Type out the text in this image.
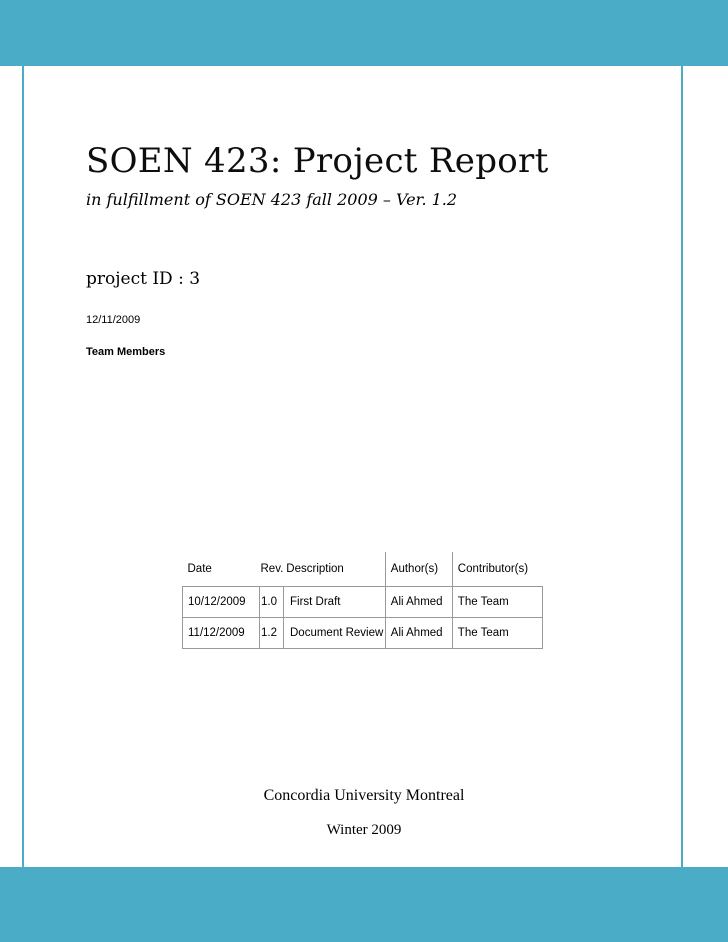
SOEN 423: Project Report
in fulfillment of SOEN 423 fall 2009 – Ver. 1.2
project ID : 3
12/11/2009
Team Members
Date	Rev.	Description	Author(s)	Contributor(s)
10/12/2009	1.0	First Draft	Ali Ahmed	The Team
11/12/2009	1.2	Document Review	Ali Ahmed	The Team
Concordia University Montreal
Winter 2009
